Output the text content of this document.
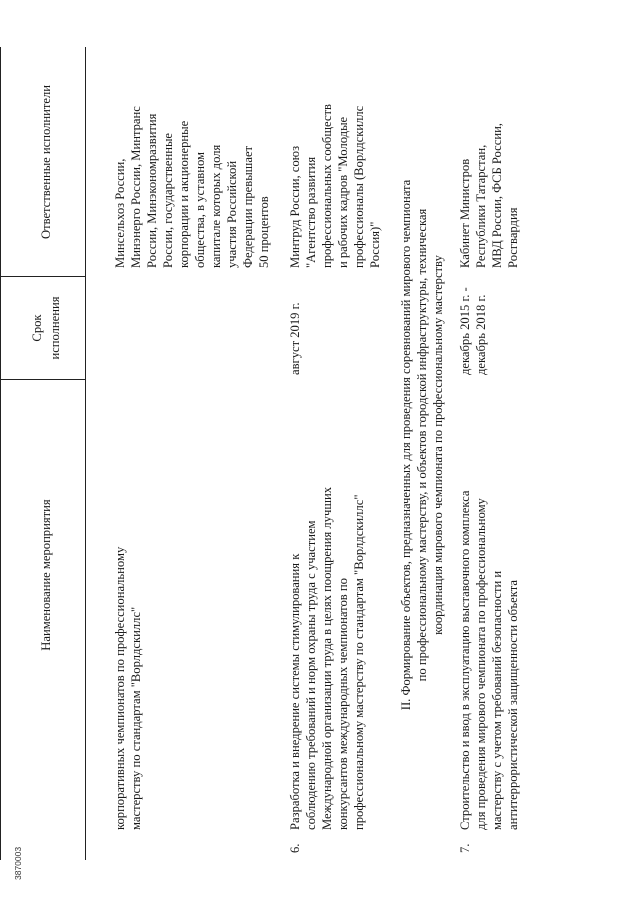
3870003
Наименование мероприятия
Срок
исполнения
Ответственные исполнители
корпоративных чемпионатов по профессиональному
мастерству по стандартам "Ворлдскиллс"
Минсельхоз России,
Минэнерго России, Минтранс
России, Минэкономразвития
России, государственные
корпорации и акционерные
общества, в уставном
капитале которых доля
участия Российской
Федерации превышает
50 процентов
6.
Разработка и внедрение системы стимулирования к
соблюдению требований и норм охраны труда с участием
Международной организации труда в целях поощрения лучших
конкурсантов международных чемпионатов по
профессиональному мастерству по стандартам "Ворлдскиллс"
август 2019 г.
Минтруд России, союз
"Агентство развития
профессиональных сообществ
и рабочих кадров "Молодые
профессионалы (Ворлдскиллс
Россия)"
II. Формирование объектов, предназначенных для проведения соревнований мирового чемпионата
по профессиональному мастерству, и объектов городской инфраструктуры, техническая
координация мирового чемпионата по профессиональному мастерству
7.
Строительство и ввод в эксплуатацию выставочного комплекса
для проведения мирового чемпионата по профессиональному
мастерству с учетом требований безопасности и
антитеррористической защищенности объекта
декабрь 2015 г. -
декабрь 2018 г.
Кабинет Министров
Республики Татарстан,
МВД России, ФСБ России,
Росгвардия
